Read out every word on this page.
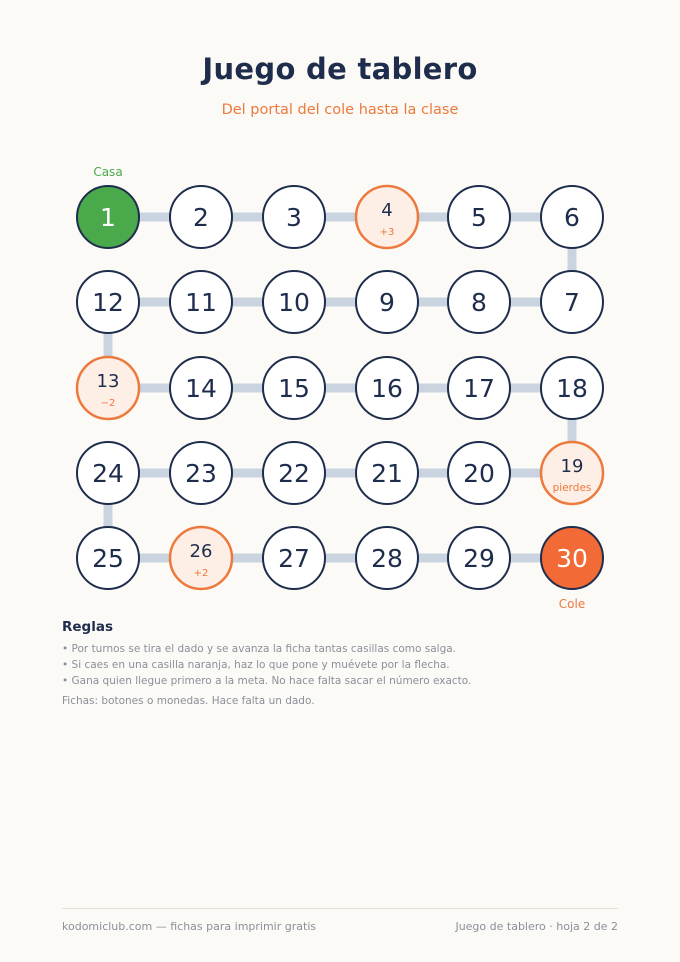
Juego de tablero
Del portal del cole hasta la clase
Casa
1	2	3	4
+3
5	6
7
8
9
10
11
12
13
−2
14 15 16 17 18
19
pierdes
20
21
22
23
24
25	26
+2
27 28 29 30
Cole
Reglas
• Por turnos se tira el dado y se avanza la ficha tantas casillas como salga.
• Si caes en una casilla naranja, haz lo que pone y muévete por la flecha.
• Gana quien llegue primero a la meta. No hace falta sacar el número exacto.
Fichas: botones o monedas. Hace falta un dado.
kodomiclub.com — fichas para imprimir gratis	Juego de tablero · hoja 2 de 2
